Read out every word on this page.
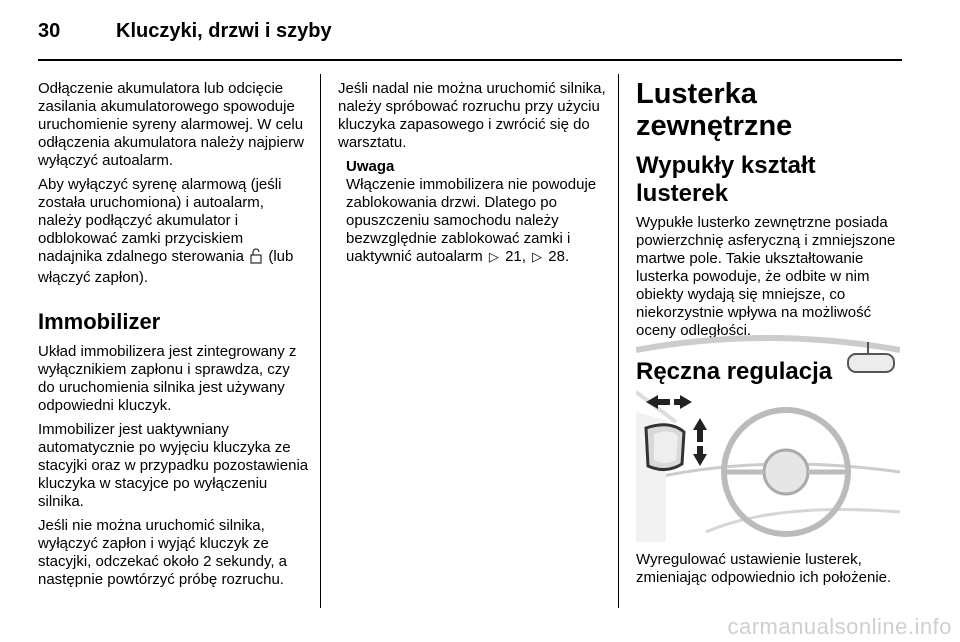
30	Kluczyki, drzwi i szyby

Odłączenie akumulatora lub odcięcie zasilania akumulatorowego spowoduje uruchomienie syreny alarmowej. W celu odłączenia akumulatora należy najpierw wyłączyć autoalarm.

Aby wyłączyć syrenę alarmową (jeśli została uruchomiona) i autoalarm, należy podłączyć akumulator i odblokować zamki przyciskiem nadajnika zdalnego sterowania (lub włączyć zapłon).

Immobilizer

Układ immobilizera jest zintegrowany z wyłącznikiem zapłonu i sprawdza, czy do uruchomienia silnika jest używany odpowiedni kluczyk.

Immobilizer jest uaktywniany automatycznie po wyjęciu kluczyka ze stacyjki oraz w przypadku pozostawienia kluczyka w stacyjce po wyłączeniu silnika.

Jeśli nie można uruchomić silnika, wyłączyć zapłon i wyjąć kluczyk ze stacyjki, odczekać około 2 sekundy, a następnie powtórzyć próbę rozruchu.

Jeśli nadal nie można uruchomić silnika, należy spróbować rozruchu przy użyciu kluczyka zapasowego i zwrócić się do warsztatu.

Uwaga

Włączenie immobilizera nie powoduje zablokowania drzwi. Dlatego po opuszczeniu samochodu należy bezwzględnie zablokować zamki i uaktywnić autoalarm ▷ 21, ▷ 28.

Lusterka zewnętrzne
Wypukły kształt lusterek

Wypukłe lusterko zewnętrzne posiada powierzchnię asferyczną i zmniejszone martwe pole. Takie ukształtowanie lusterka powoduje, że odbite w nim obiekty wydają się mniejsze, co niekorzystnie wpływa na możliwość oceny odległości.

Ręczna regulacja

Wyregulować ustawienie lusterek, zmieniając odpowiednio ich położenie.

carmanualsonline.info
